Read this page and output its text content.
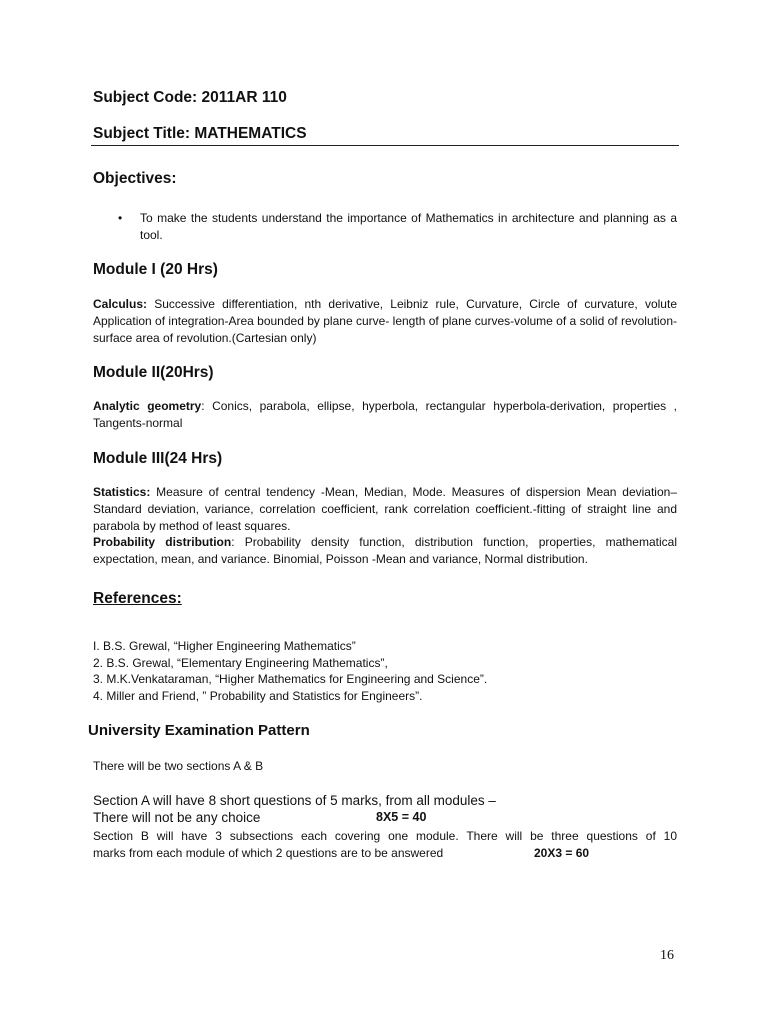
Subject Code: 2011AR 110
Subject Title: MATHEMATICS
Objectives:
• To make the students understand the importance of Mathematics in architecture and planning as a tool.
Module I (20 Hrs)
Calculus: Successive differentiation, nth derivative, Leibniz rule, Curvature, Circle of curvature, volute Application of integration-Area bounded by plane curve- length of plane curves-volume of a solid of revolution- surface area of revolution.(Cartesian only)
Module II(20Hrs)
Analytic geometry: Conics, parabola, ellipse, hyperbola, rectangular hyperbola-derivation, properties , Tangents-normal
Module III(24 Hrs)
Statistics: Measure of central tendency -Mean, Median, Mode. Measures of dispersion Mean deviation– Standard deviation, variance, correlation coefficient, rank correlation coefficient.-fitting of straight line and parabola by method of least squares.
Probability distribution: Probability density function, distribution function, properties, mathematical expectation, mean, and variance. Binomial, Poisson -Mean and variance, Normal distribution.
References:
I. B.S. Grewal, “Higher Engineering Mathematics”
2. B.S. Grewal, “Elementary Engineering Mathematics”,
3. M.K.Venkataraman, “Higher Mathematics for Engineering and Science”.
4. Miller and Friend, ” Probability and Statistics for Engineers”.
University Examination Pattern
There will be two sections A & B
Section A will have 8 short questions of 5 marks, from all modules –
There will not be any choice	8X5 = 40
Section B will have 3 subsections each covering one module. There will be three questions of 10
marks from each module of which 2 questions are to be answered	20X3 = 60
16
